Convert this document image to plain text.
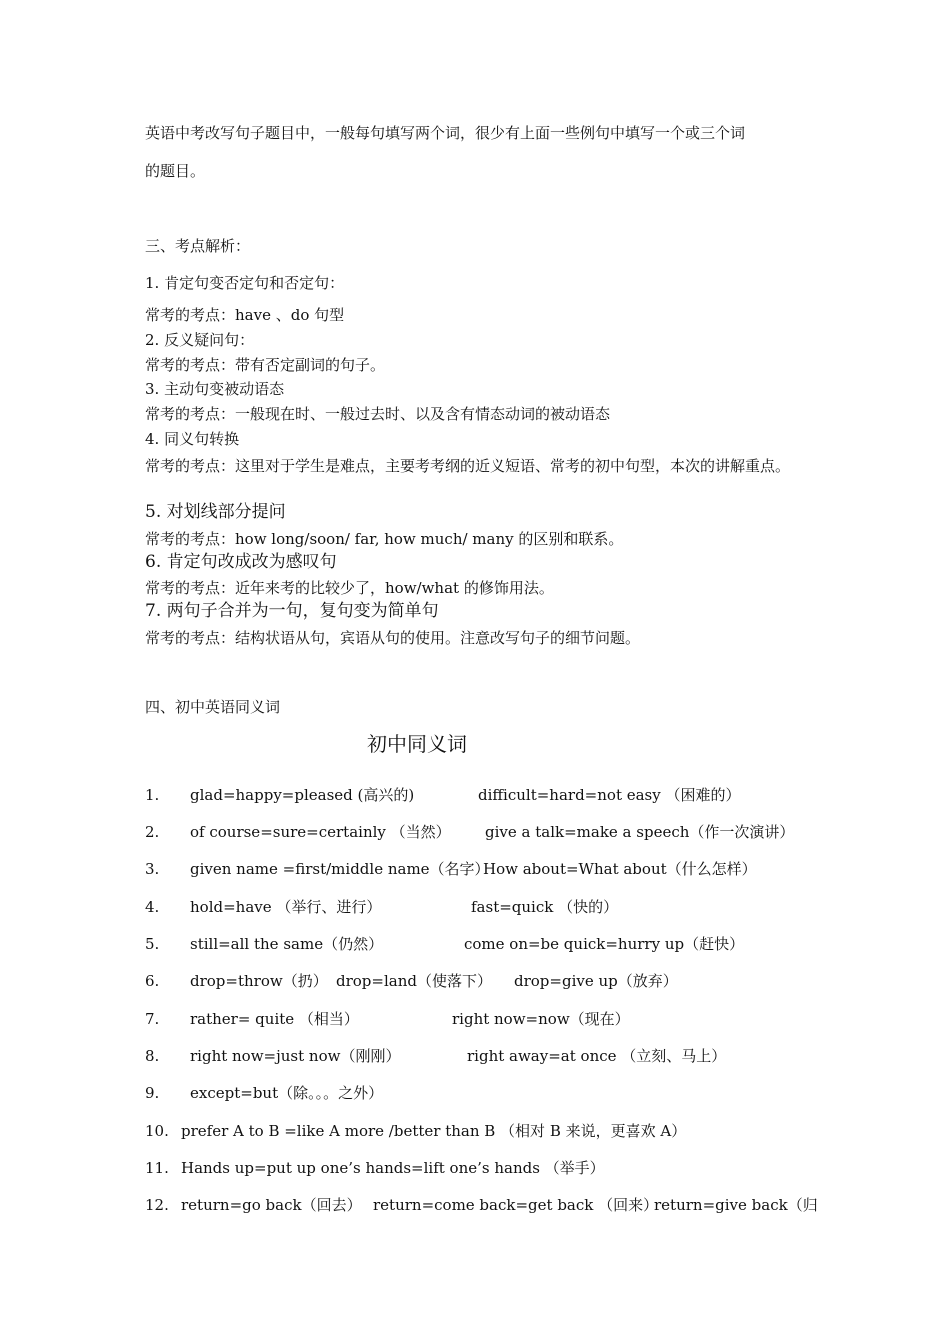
英语中考改写句子题目中，一般每句填写两个词，很少有上面一些例句中填写一个或三个词
的题目。
三、考点解析：
1. 肯定句变否定句和否定句：
常考的考点：have 、do 句型
2. 反义疑问句：
常考的考点：带有否定副词的句子。
3. 主动句变被动语态
常考的考点：一般现在时、一般过去时、以及含有情态动词的被动语态
4. 同义句转换
常考的考点：这里对于学生是难点，主要考考纲的近义短语、常考的初中句型，本次的讲解重点。
5. 对划线部分提问
常考的考点：how long/soon/ far, how much/ many 的区别和联系。
6. 肯定句改成改为感叹句
常考的考点：近年来考的比较少了，how/what 的修饰用法。
7. 两句子合并为一句，复句变为简单句
常考的考点：结构状语从句，宾语从句的使用。注意改写句子的细节问题。
四、初中英语同义词
初中同义词
1. glad=happy=pleased (高兴的)	difficult=hard=not easy （困难的）
2. of course=sure=certainly （当然） give a talk=make a speech（作一次演讲）
3. given name =first/middle name（名字）
How about=What about（什么怎样）
4. hold=have （举行、进行）	fast=quick （快的）
5. still=all the same（仍然）	come on=be quick=hurry up（赶快）
6. drop=throw（扔） drop=land（使落下） drop=give up（放弃）
7. rather= quite （相当）	right now=now（现在）
8. right now=just now（刚刚）	right away=at once （立刻、马上）
9. except=but（除。。。之外）
10. prefer A to B =like A more /better than B （相对 B 来说，更喜欢 A）
11. Hands up=put up one’s hands=lift one’s hands （举手）
12. return=go back（回去） return=come back=get back （回来）
return=give back（归
